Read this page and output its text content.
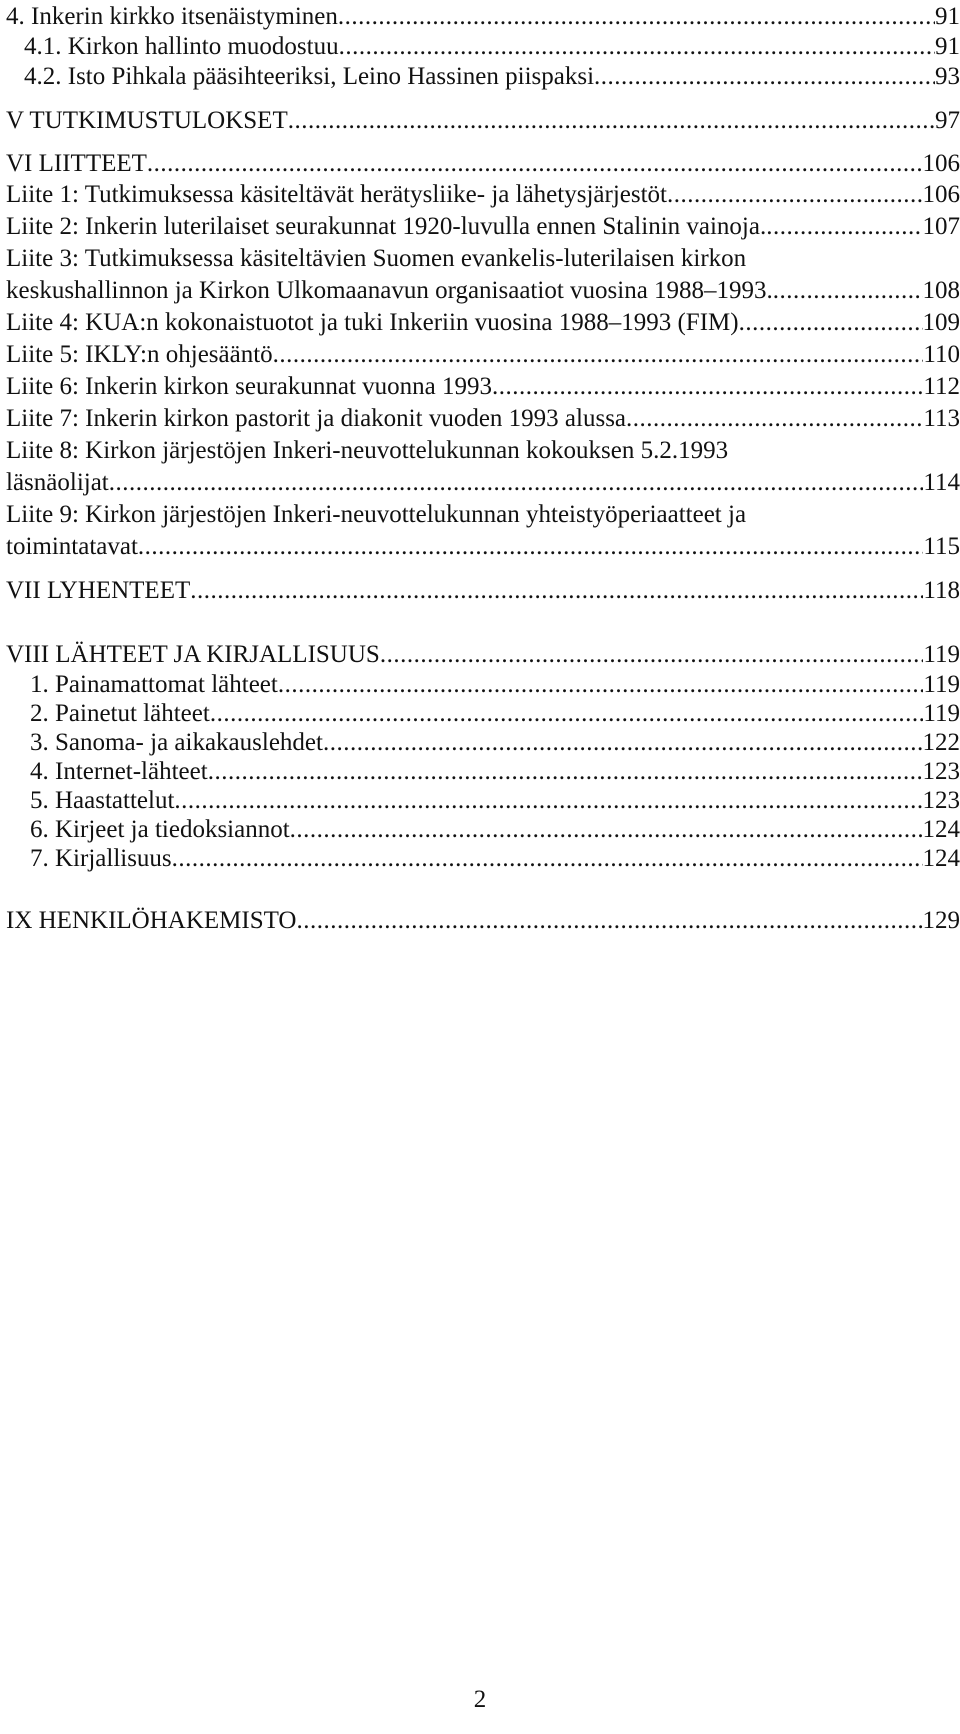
4. Inkerin kirkko itsenäistyminen .....	91
4.1. Kirkon hallinto muodostuu .....	91
4.2. Isto Pihkala pääsihteeriksi, Leino Hassinen piispaksi .....	93
V TUTKIMUSTULOKSET .....	97
VI LIITTEET .....	106
Liite 1: Tutkimuksessa käsiteltävät herätysliike- ja lähetysjärjestöt .....	106
Liite 2: Inkerin luterilaiset seurakunnat 1920-luvulla ennen Stalinin vainoja. .....	107
Liite 3: Tutkimuksessa käsiteltävien Suomen evankelis-luterilaisen kirkon
keskushallinnon ja Kirkon Ulkomaanavun organisaatiot vuosina 1988–1993. .....	108
Liite 4: KUA:n kokonaistuotot ja tuki Inkeriin vuosina 1988–1993 (FIM) .....	109
Liite 5: IKLY:n ohjesääntö .....	110
Liite 6: Inkerin kirkon seurakunnat vuonna 1993 .....	112
Liite 7: Inkerin kirkon pastorit ja diakonit vuoden 1993 alussa .....	113
Liite 8: Kirkon järjestöjen Inkeri-neuvottelukunnan kokouksen 5.2.1993
läsnäolijat .....	114
Liite 9: Kirkon järjestöjen Inkeri-neuvottelukunnan yhteistyöperiaatteet ja
toimintatavat .....	115
VII LYHENTEET .....	118
VIII LÄHTEET JA KIRJALLISUUS .....	119
1. Painamattomat lähteet .....	119
2. Painetut lähteet .....	119
3. Sanoma- ja aikakauslehdet .....	122
4. Internet-lähteet .....	123
5. Haastattelut .....	123
6. Kirjeet ja tiedoksiannot .....	124
7. Kirjallisuus .....	124
IX HENKILÖHAKEMISTO .....	129
2
